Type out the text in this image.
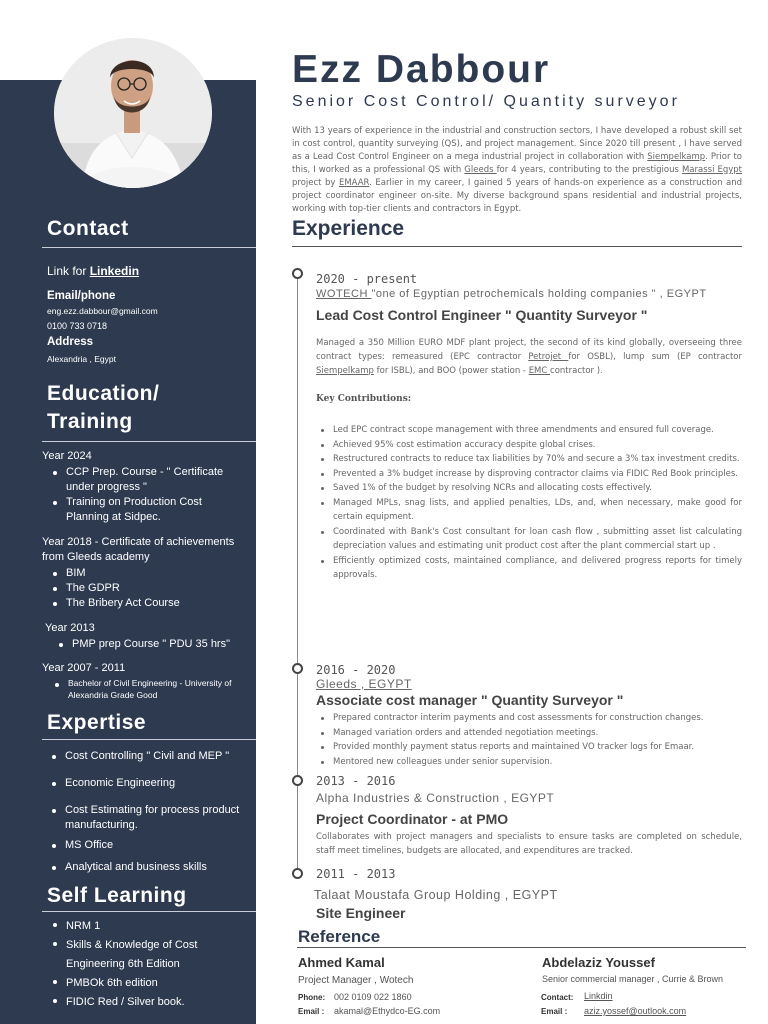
Contact
Link for Linkedin
Email/phone
eng.ezz.dabbour@gmail.com
0100 733 0718
Address
Alexandria , Egypt
Education/
Training
Year 2024
CCP Prep. Course - " Certificate under progress "
Training on Production Cost Planning at Sidpec.
Year 2018 - Certificate of achievements from Gleeds academy
BIM
The GDPR
The Bribery Act Course
Year 2013
PMP prep Course " PDU 35 hrs"
Year 2007 - 2011
Bachelor of Civil Engineering - University of Alexandria Grade Good
Expertise
Cost Controlling " Civil and MEP "
Economic Engineering
Cost Estimating for process product manufacturing.
MS Office
Analytical and business skills
Self Learning
NRM 1
Skills & Knowledge of Cost Engineering 6th Edition
PMBOk 6th edition
FIDIC Red / Silver book.
Ezz Dabbour
Senior Cost Control/ Quantity surveyor
With 13 years of experience in the industrial and construction sectors, I have developed a robust skill set in cost control, quantity surveying (QS), and project management. Since 2020 till present , I have served as a Lead Cost Control Engineer on a mega industrial project in collaboration with Siempelkamp. Prior to this, I worked as a professional QS with Gleeds for 4 years, contributing to the prestigious Marassi Egypt project by EMAAR. Earlier in my career, I gained 5 years of hands-on experience as a construction and project coordinator engineer on-site. My diverse background spans residential and industrial projects, working with top-tier clients and contractors in Egypt.
Experience
2020 - present
WOTECH "one of Egyptian petrochemicals holding companies " , EGYPT
Lead Cost Control Engineer " Quantity Surveyor "
Managed a 350 Million EURO MDF plant project, the second of its kind globally, overseeing three contract types: remeasured (EPC contractor Petrojet for OSBL), lump sum (EP contractor Siempelkamp for ISBL), and BOO (power station - EMC contractor ).
Key Contributions:
Led EPC contract scope management with three amendments and ensured full coverage.
Achieved 95% cost estimation accuracy despite global crises.
Restructured contracts to reduce tax liabilities by 70% and secure a 3% tax investment credits.
Prevented a 3% budget increase by disproving contractor claims via FIDIC Red Book principles.
Saved 1% of the budget by resolving NCRs and allocating costs effectively.
Managed MPLs, snag lists, and applied penalties, LDs, and, when necessary, make good for certain equipment.
Coordinated with Bank's Cost consultant for loan cash flow , submitting asset list calculating depreciation values and estimating unit product cost after the plant commercial start up .
Efficiently optimized costs, maintained compliance, and delivered progress reports for timely approvals.
2016 - 2020
Gleeds , EGYPT
Associate cost manager " Quantity Surveyor "
Prepared contractor interim payments and cost assessments for construction changes.
Managed variation orders and attended negotiation meetings.
Provided monthly payment status reports and maintained VO tracker logs for Emaar.
Mentored new colleagues under senior supervision.
2013 - 2016
Alpha Industries & Construction , EGYPT
Project Coordinator - at PMO
Collaborates with project managers and specialists to ensure tasks are completed on schedule, staff meet timelines, budgets are allocated, and expenditures are tracked.
2011 - 2013
Talaat Moustafa Group Holding , EGYPT
Site Engineer
Reference
Ahmed Kamal
Project Manager , Wotech
Phone: 002 0109 022 1860
Email : akamal@Ethydco-EG.com
Abdelaziz Youssef
Senior commercial manager , Currie & Brown
Contact: Linkdin
Email : aziz.yossef@outlook.com
